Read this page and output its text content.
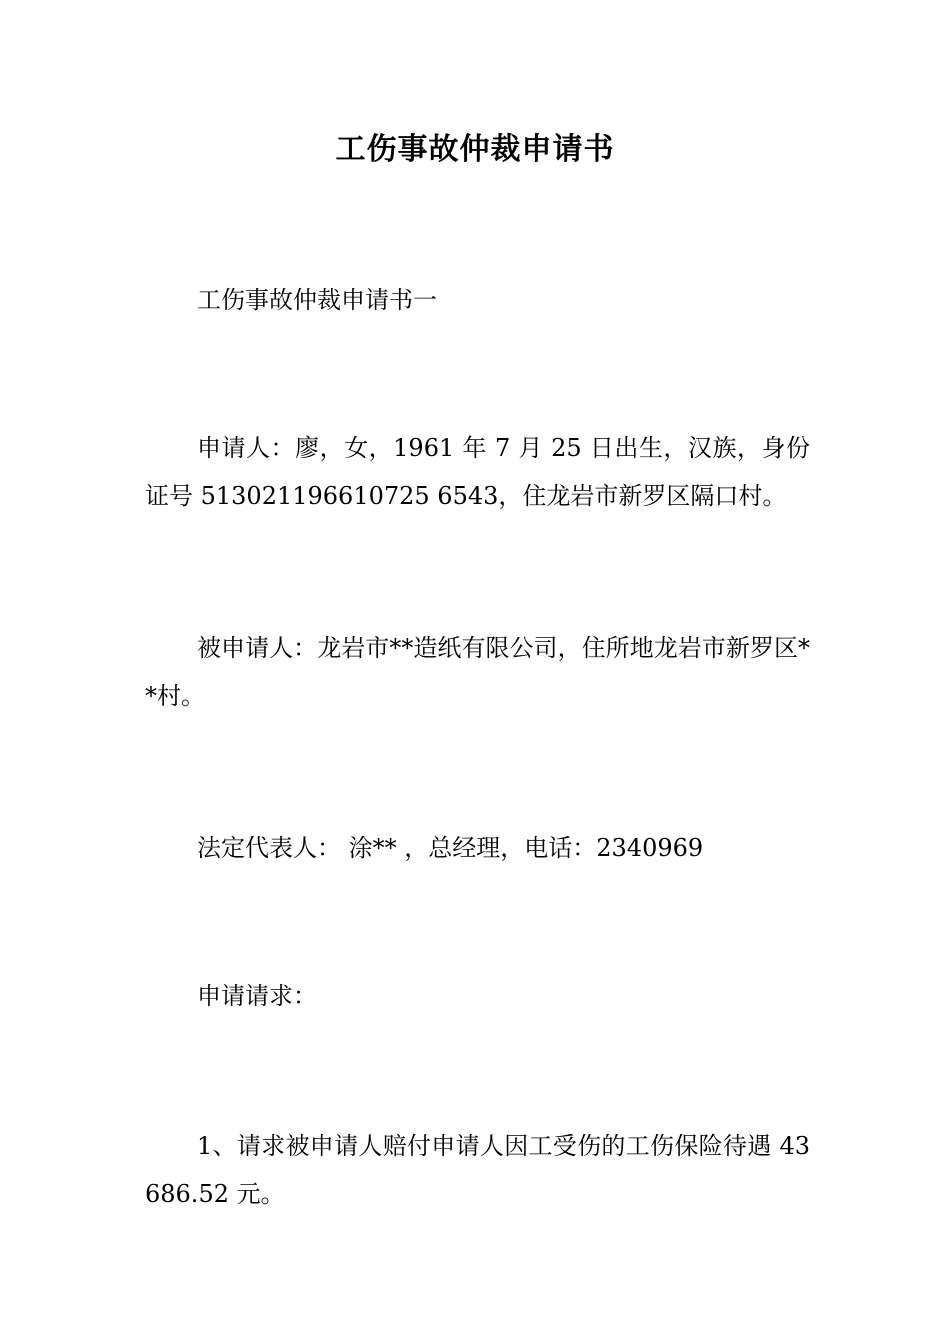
工伤事故仲裁申请书

工伤事故仲裁申请书一

申请人：廖，女，1961 年 7 月 25 日出生，汉族，身份证号 513021196610725 6543，住龙岩市新罗区隔口村。

被申请人：龙岩市**造纸有限公司，住所地龙岩市新罗区**村。

法定代表人： 涂** ，总经理，电话：2340969

申请请求：

1、请求被申请人赔付申请人因工受伤的工伤保险待遇 43686.52 元。
